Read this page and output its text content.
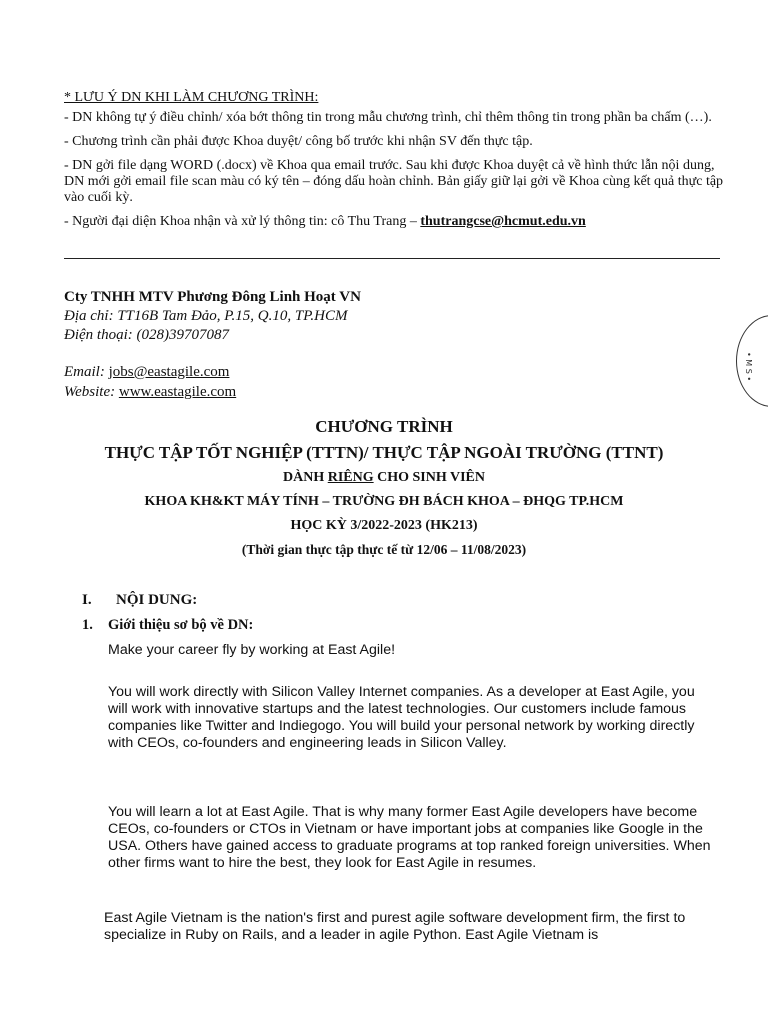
* LƯU Ý DN KHI LÀM CHƯƠNG TRÌNH:

- DN không tự ý điều chỉnh/ xóa bớt thông tin trong mẫu chương trình, chỉ thêm thông tin trong phần ba chấm (…).

- Chương trình cần phải được Khoa duyệt/ công bố trước khi nhận SV đến thực tập.

- DN gởi file dạng WORD (.docx) về Khoa qua email trước. Sau khi được Khoa duyệt cả về hình thức lẫn nội dung, DN mới gởi email file scan màu có ký tên – đóng dấu hoàn chỉnh. Bản giấy giữ lại gởi về Khoa cùng kết quả thực tập vào cuối kỳ.

- Người đại diện Khoa nhận và xử lý thông tin: cô Thu Trang – thutrangcse@hcmut.edu.vn

Cty TNHH MTV Phương Đông Linh Hoạt VN
Địa chỉ: TT16B Tam Đảo, P.15, Q.10, TP.HCM
Điện thoại: (028)39707087
Email: jobs@eastagile.com
Website: www.eastagile.com
• M S •
CHƯƠNG TRÌNH
THỰC TẬP TỐT NGHIỆP (TTTN)/ THỰC TẬP NGOÀI TRƯỜNG (TTNT)
DÀNH RIÊNG CHO SINH VIÊN
KHOA KH&KT MÁY TÍNH – TRƯỜNG ĐH BÁCH KHOA – ĐHQG TP.HCM
HỌC KỲ 3/2022-2023 (HK213)
(Thời gian thực tập thực tế từ 12/06 – 11/08/2023)
I. NỘI DUNG:
1. Giới thiệu sơ bộ về DN:

Make your career fly by working at East Agile!

You will work directly with Silicon Valley Internet companies. As a developer at East Agile, you will work with innovative startups and the latest technologies. Our customers include famous companies like Twitter and Indiegogo. You will build your personal network by working directly with CEOs, co-founders and engineering leads in Silicon Valley.

You will learn a lot at East Agile. That is why many former East Agile developers have become CEOs, co-founders or CTOs in Vietnam or have important jobs at companies like Google in the USA. Others have gained access to graduate programs at top ranked foreign universities. When other firms want to hire the best, they look for East Agile in resumes.

East Agile Vietnam is the nation's first and purest agile software development firm, the first to specialize in Ruby on Rails, and a leader in agile Python. East Agile Vietnam is
